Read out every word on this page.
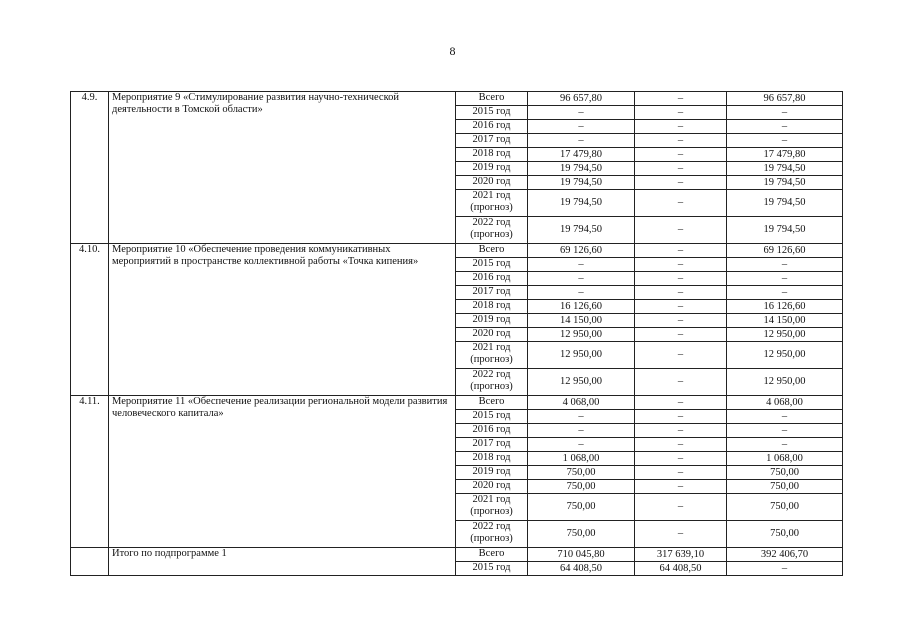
8
4.9.	Мероприятие 9 «Стимулирование развития научно-технической деятельности в Томской области»	Всего	96 657,80	–	96 657,80
		2015 год	–	–	–
		2016 год	–	–	–
		2017 год	–	–	–
		2018 год	17 479,80	–	17 479,80
		2019 год	19 794,50	–	19 794,50
		2020 год	19 794,50	–	19 794,50
		2021 год (прогноз)	19 794,50	–	19 794,50
		2022 год (прогноз)	19 794,50	–	19 794,50
4.10.	Мероприятие 10 «Обеспечение проведения коммуникативных мероприятий в пространстве коллективной работы «Точка кипения»	Всего	69 126,60	–	69 126,60
		2015 год	–	–	–
		2016 год	–	–	–
		2017 год	–	–	–
		2018 год	16 126,60	–	16 126,60
		2019 год	14 150,00	–	14 150,00
		2020 год	12 950,00	–	12 950,00
		2021 год (прогноз)	12 950,00	–	12 950,00
		2022 год (прогноз)	12 950,00	–	12 950,00
4.11.	Мероприятие 11 «Обеспечение реализации региональной модели развития человеческого капитала»	Всего	4 068,00	–	4 068,00
		2015 год	–	–	–
		2016 год	–	–	–
		2017 год	–	–	–
		2018 год	1 068,00	–	1 068,00
		2019 год	750,00	–	750,00
		2020 год	750,00	–	750,00
		2021 год (прогноз)	750,00	–	750,00
		2022 год (прогноз)	750,00	–	750,00
	Итого по подпрограмме 1	Всего	710 045,80	317 639,10	392 406,70
		2015 год	64 408,50	64 408,50	–
